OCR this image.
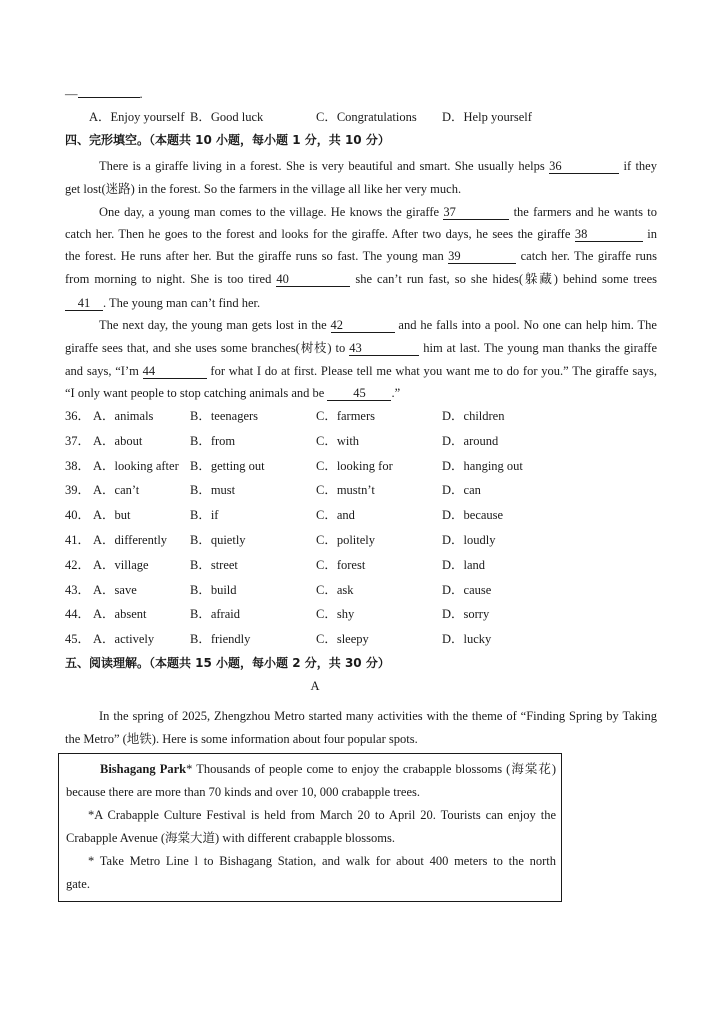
—	.
A．Enjoy yourself B．Good luck	C．Congratulations D．Help yourself
四、完形填空。（本题共 10 小题，每小题 1 分，共 10 分）
There is a giraffe living in a forest. She is very beautiful and smart. She usually helps 36	if they
get lost(迷路) in the forest. So the farmers in the village all like her very much.
One day, a young man comes to the village. He knows the giraffe 37	the farmers and he wants to
catch her. Then he goes to the forest and looks for the giraffe. After two days, he sees the giraffe 38	in
the forest. He runs after her. But the giraffe runs so fast. The young man 39	catch her. The giraffe runs
from morning to night. She is too tired 40	she can’t run fast, so she hides(躲藏) behind some trees
41 . The young man can’t find her.
The next day, the young man gets lost in the 42	and he falls into a pool. No one can help him. The
giraffe sees that, and she uses some branches(树枝) to 43	him at last. The young man thanks the giraffe
and says, “I’m 44	for what I do at first. Please tell me what you want me to do for you.” The giraffe says,
“I only want people to stop catching animals and be 45 .”
36． A．animals	B．teenagers	C．farmers	D．children
37． A．about	B．from	C．with	D．around
38． A．looking after B．getting out	C．looking for	D．hanging out
39． A．can’t	B．must	C．mustn’t	D．can
40． A．but	B．if	C．and	D．because
41． A．differently B．quietly	C．politely	D．loudly
42． A．village	B．street	C．forest	D．land
43． A．save	B．build	C．ask	D．cause
44． A．absent	B．afraid	C．shy	D．sorry
45． A．actively	B．friendly	C．sleepy	D．lucky
五、阅读理解。（本题共 15 小题，每小题 2 分，共 30 分）
A
In the spring of 2025, Zhengzhou Metro started many activities with the theme of “Finding Spring by Taking
the Metro” (地铁). Here is some information about four popular spots.
Bishagang Park* Thousands of people come to enjoy the crabapple blossoms (海棠花)
because there are more than 70 kinds and over 10, 000 crabapple trees.
*A Crabapple Culture Festival is held from March 20 to April 20. Tourists can enjoy the
Crabapple Avenue (海棠大道) with different crabapple blossoms.
* Take Metro Line l to Bishagang Station, and walk for about 400 meters to the north
gate.
